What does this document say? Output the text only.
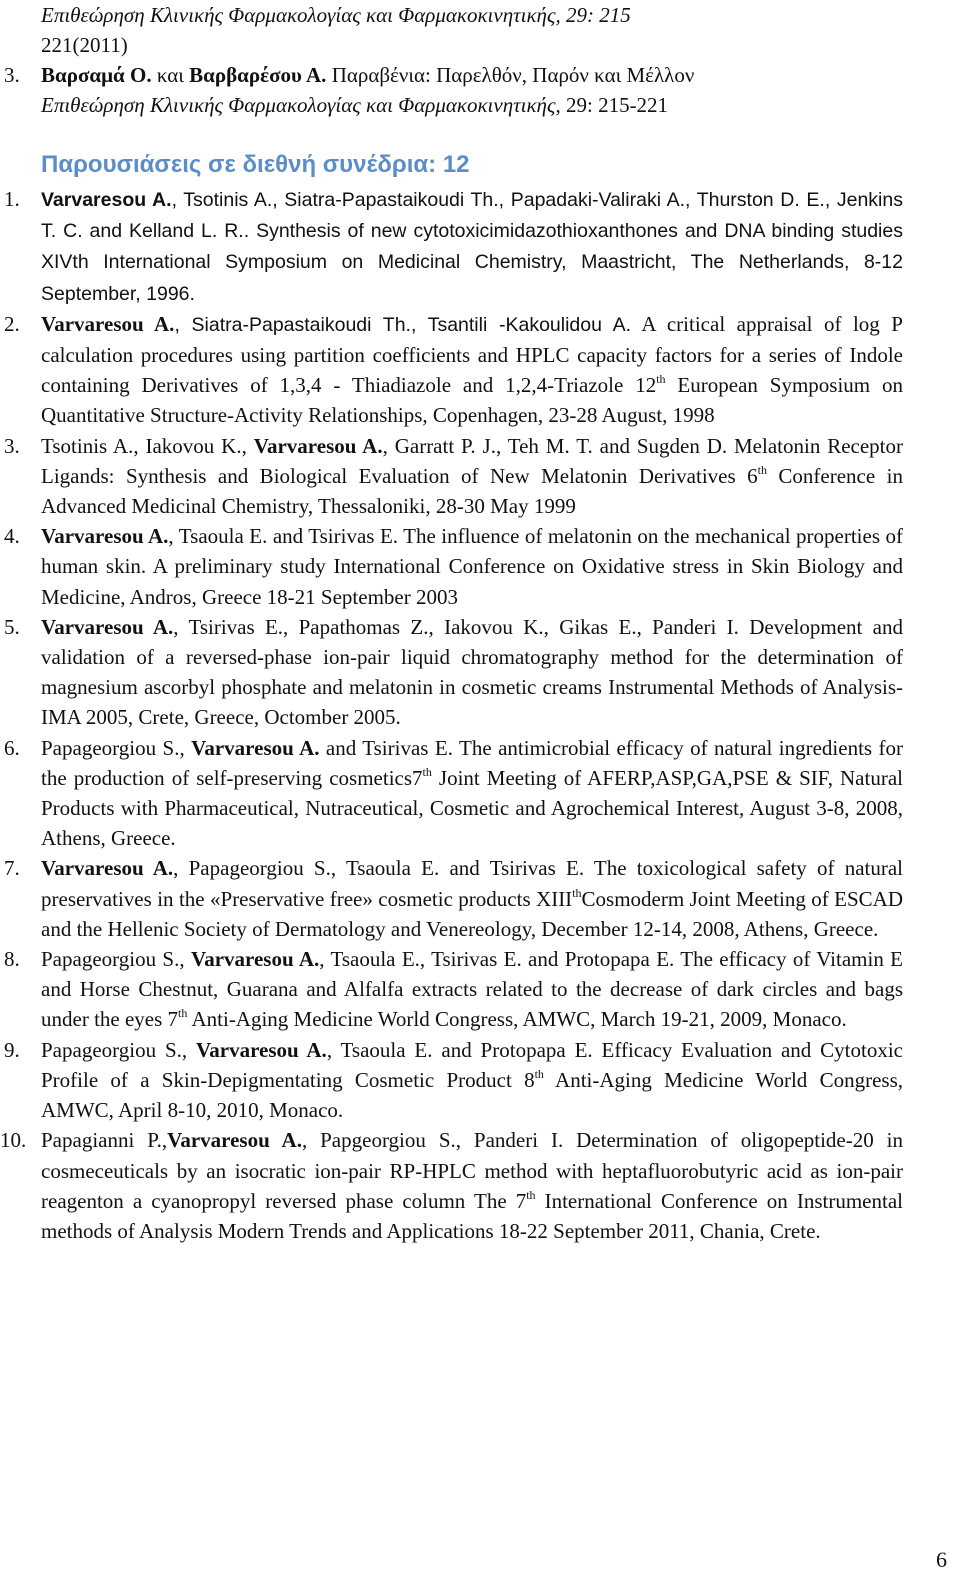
Επιθεώρηση Κλινικής Φαρμακολογίας και Φαρμακοκινητικής, 29: 215
221(2011)
3. Βαρσαμά Ο. και Βαρβαρέσου Α. Παραβένια: Παρελθόν, Παρόν και Μέλλον
Επιθεώρηση Κλινικής Φαρμακολογίας και Φαρμακοκινητικής, 29: 215-221
Παρουσιάσεις σε διεθνή συνέδρια: 12
1. Varvaresou A., Tsotinis A., Siatra-Papastaikoudi Th., Papadaki-Valiraki A., Thurston D. E., Jenkins T. C. and Kelland L. R.. Synthesis of new cytotoxicimidazothioxanthones and DNA binding studies XIVth International Symposium on Medicinal Chemistry, Maastricht, The Netherlands, 8-12 September, 1996.
2. Varvaresou A., Siatra-Papastaikoudi Th., Tsantili -Kakoulidou A. A critical appraisal of log P calculation procedures using partition coefficients and HPLC capacity factors for a series of Indole containing Derivatives of 1,3,4 - Thiadiazole and 1,2,4-Triazole 12th European Symposium on Quantitative Structure-Activity Relationships, Copenhagen, 23-28 August, 1998
3. Tsotinis A., Iakovou K., Varvaresou A., Garratt P. J., Teh M. T. and Sugden D. Melatonin Receptor Ligands: Synthesis and Biological Evaluation of New Melatonin Derivatives 6th Conference in Advanced Medicinal Chemistry, Thessaloniki, 28-30 May 1999
4. Varvaresou A., Tsaoula E. and Tsirivas E. The influence of melatonin on the mechanical properties of human skin. A preliminary study International Conference on Oxidative stress in Skin Biology and Medicine, Andros, Greece 18-21 September 2003
5. Varvaresou A., Tsirivas E., Papathomas Z., Iakovou K., Gikas E., Panderi I. Development and validation of a reversed-phase ion-pair liquid chromatography method for the determination of magnesium ascorbyl phosphate and melatonin in cosmetic creams Instrumental Methods of Analysis-IMA 2005, Crete, Greece, Octomber 2005.
6. Papageorgiou S., Varvaresou A. and Tsirivas E. The antimicrobial efficacy of natural ingredients for the production of self-preserving cosmetics7th Joint Meeting of AFERP,ASP,GA,PSE & SIF, Natural Products with Pharmaceutical, Nutraceutical, Cosmetic and Agrochemical Interest, August 3-8, 2008, Athens, Greece.
7. Varvaresou A., Papageorgiou S., Tsaoula E. and Tsirivas E. The toxicological safety of natural preservatives in the «Preservative free» cosmetic products XIIIthCosmoderm Joint Meeting of ESCAD and the Hellenic Society of Dermatology and Venereology, December 12-14, 2008, Athens, Greece.
8. Papageorgiou S., Varvaresou A., Tsaoula E., Tsirivas E. and Protopapa E. The efficacy of Vitamin E and Horse Chestnut, Guarana and Alfalfa extracts related to the decrease of dark circles and bags under the eyes 7th Anti-Aging Medicine World Congress, AMWC, March 19-21, 2009, Monaco.
9. Papageorgiou S., Varvaresou A., Tsaoula E. and Protopapa E. Efficacy Evaluation and Cytotoxic Profile of a Skin-Depigmentating Cosmetic Product 8th Anti-Aging Medicine World Congress, AMWC, April 8-10, 2010, Monaco.
10. Papagianni P.,Varvaresou A., Papgeorgiou S., Panderi I. Determination of oligopeptide-20 in cosmeceuticals by an isocratic ion-pair RP-HPLC method with heptafluorobutyric acid as ion-pair reagenton a cyanopropyl reversed phase column The 7th International Conference on Instrumental methods of Analysis Modern Trends and Applications 18-22 September 2011, Chania, Crete.
6
